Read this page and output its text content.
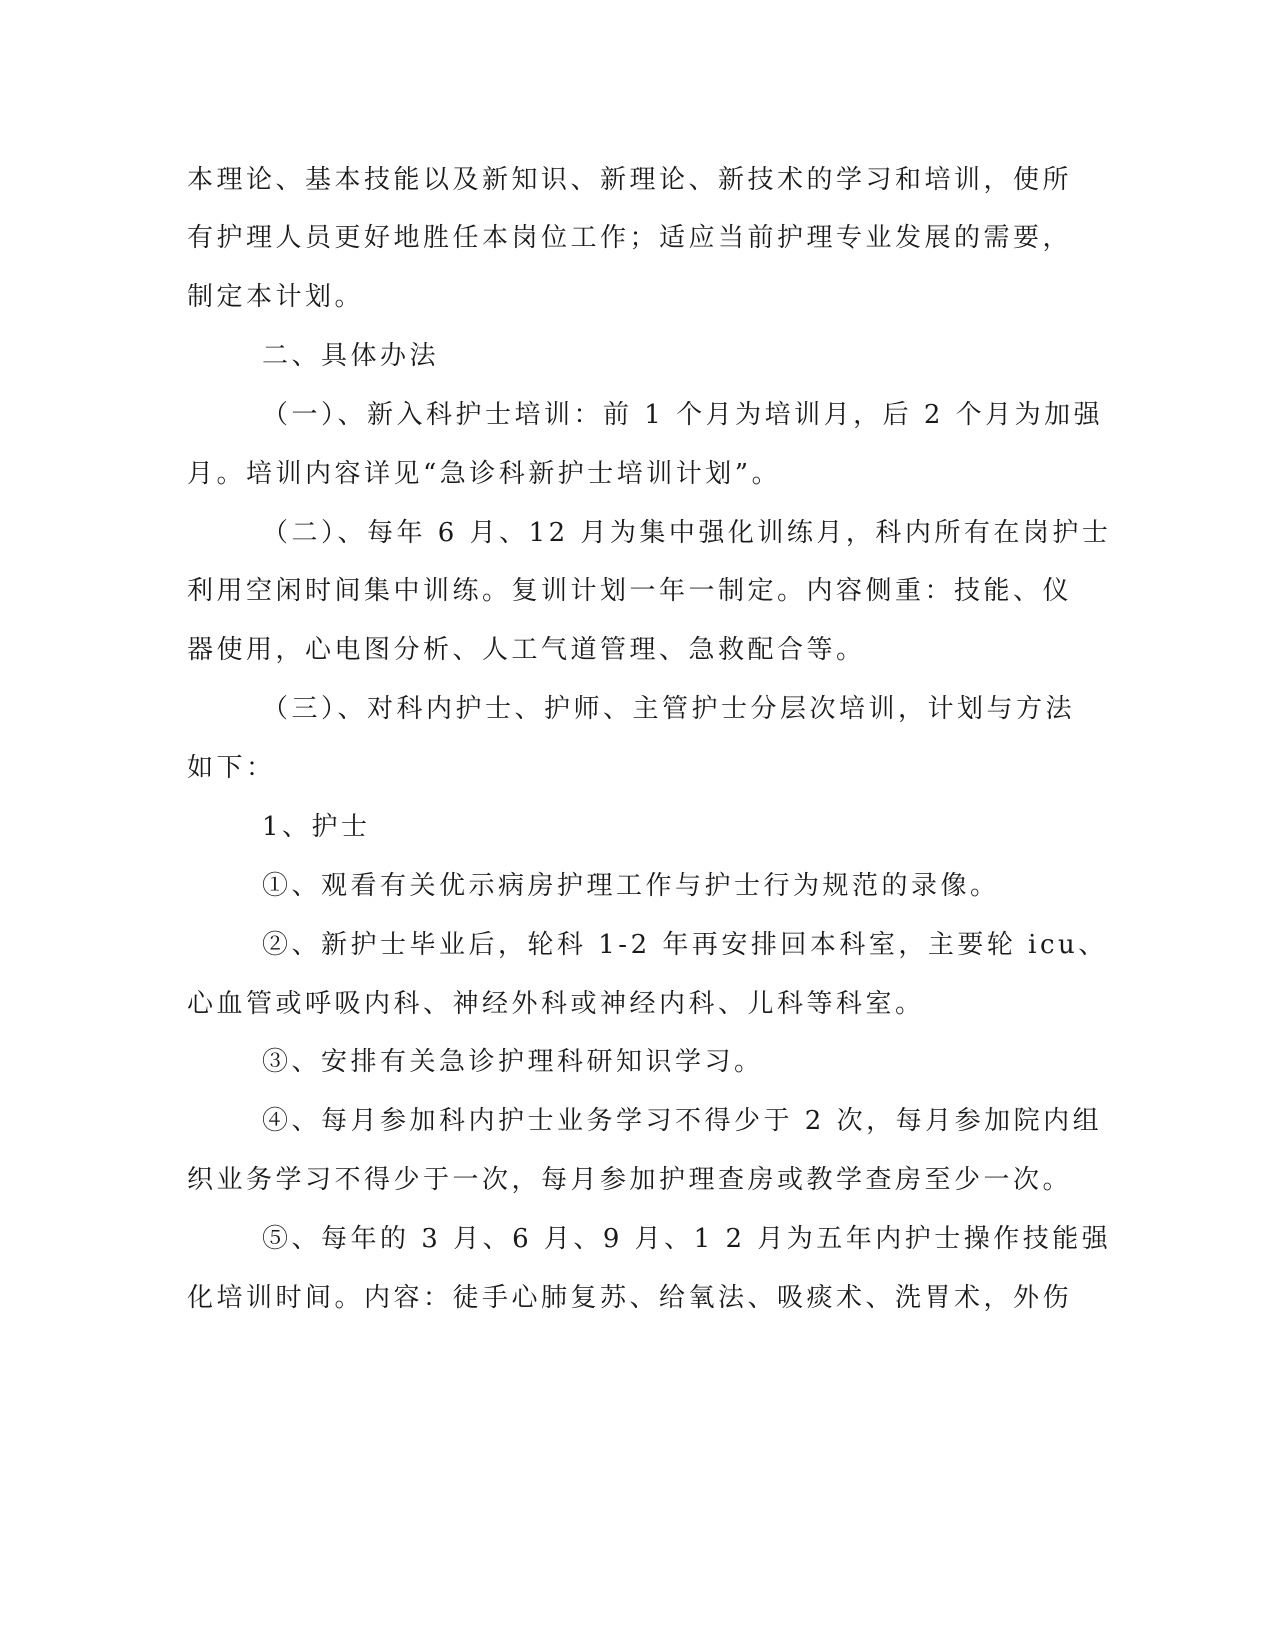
本理论、基本技能以及新知识、新理论、新技术的学习和培训，使所
有护理人员更好地胜任本岗位工作；适应当前护理专业发展的需要，
制定本计划。
二、具体办法
（一）、新入科护士培训：前 1 个月为培训月，后 2 个月为加强
月。培训内容详见“急诊科新护士培训计划”。
（二）、每年 6 月、12 月为集中强化训练月，科内所有在岗护士
利用空闲时间集中训练。复训计划一年一制定。内容侧重：技能、仪
器使用，心电图分析、人工气道管理、急救配合等。
（三）、对科内护士、护师、主管护士分层次培训，计划与方法
如下：
1、护士
①、观看有关优示病房护理工作与护士行为规范的录像。
②、新护士毕业后，轮科 1-2 年再安排回本科室，主要轮 icu、
心血管或呼吸内科、神经外科或神经内科、儿科等科室。
③、安排有关急诊护理科研知识学习。
④、每月参加科内护士业务学习不得少于 2 次，每月参加院内组
织业务学习不得少于一次，每月参加护理查房或教学查房至少一次。
⑤、每年的 3 月、6 月、9 月、1 2 月为五年内护士操作技能强
化培训时间。内容：徒手心肺复苏、给氧法、吸痰术、洗胃术，外伤
